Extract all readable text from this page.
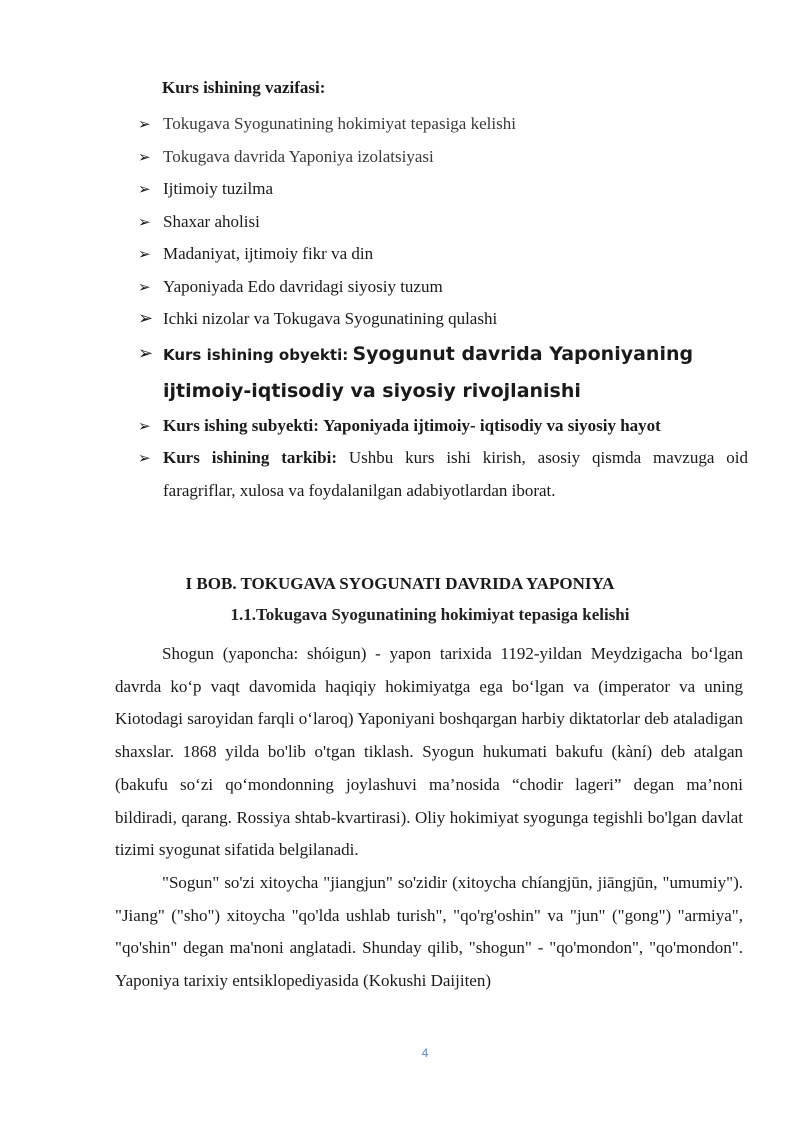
Kurs ishining vazifasi:
➢ Tokugava Syogunatining hokimiyat tepasiga kelishi
➢ Tokugava davrida Yaponiya izolatsiyasi
➢ Ijtimoiy tuzilma
➢ Shaxar aholisi
➢ Madaniyat, ijtimoiy fikr va din
➢ Yaponiyada Edo davridagi siyosiy tuzum
➢ Ichki nizolar va Tokugava Syogunatining qulashi
➢ Kurs ishining obyekti: Syogunut davrida Yaponiyaning ijtimoiy-iqtisodiy va siyosiy rivojlanishi
➢ Kurs ishing subyekti: Yaponiyada ijtimoiy- iqtisodiy va siyosiy hayot
➢ Kurs ishining tarkibi: Ushbu kurs ishi kirish, asosiy qismda mavzuga oid faragriflar, xulosa va foydalanilgan adabiyotlardan iborat.
I BOB. TOKUGAVA SYOGUNATI DAVRIDA YAPONIYA
1.1.Tokugava Syogunatining hokimiyat tepasiga kelishi

Shogun (yaponcha: shóigun) - yapon tarixida 1192-yildan Meydzigacha bo‘lgan davrda ko‘p vaqt davomida haqiqiy hokimiyatga ega bo‘lgan va (imperator va uning Kiotodagi saroyidan farqli o‘laroq) Yaponiyani boshqargan harbiy diktatorlar deb ataladigan shaxslar. 1868 yilda bo'lib o'tgan tiklash. Syogun hukumati bakufu (kàní) deb atalgan (bakufu so‘zi qo‘mondonning joylashuvi ma’nosida “chodir lageri” degan ma’noni bildiradi, qarang. Rossiya shtab-kvartirasi). Oliy hokimiyat syogunga tegishli bo'lgan davlat tizimi syogunat sifatida belgilanadi.

"Sogun" so'zi xitoycha "jiangjun" so'zidir (xitoycha chíangjūn, jiāngjūn, "umumiy"). "Jiang" ("sho") xitoycha "qo'lda ushlab turish", "qo'rg'oshin" va "jun" ("gong") "armiya", "qo'shin" degan ma'noni anglatadi. Shunday qilib, "shogun" - "qo'mondon", "qo'mondon". Yaponiya tarixiy entsiklopediyasida (Kokushi Daijiten)

4
